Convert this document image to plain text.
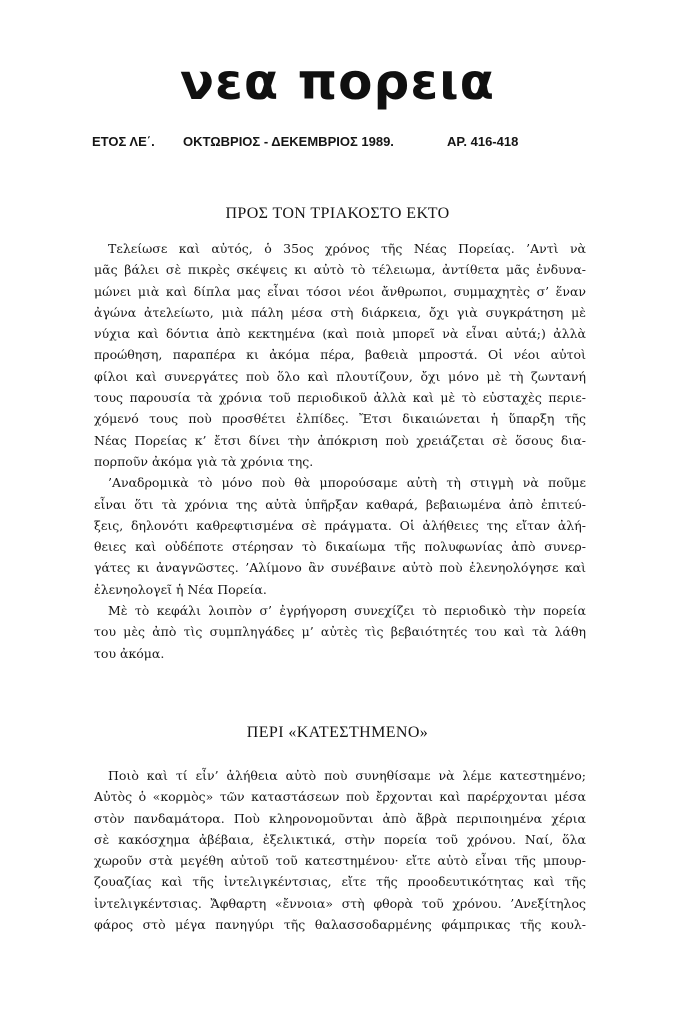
νεα πορεια
ΕΤΟΣ ΛΕ΄. ΟΚΤΩΒΡΙΟΣ - ΔΕΚΕΜΒΡΙΟΣ 1989.	ΑΡ. 416-418
ΠΡΟΣ ΤΟΝ ΤΡΙΑΚΟΣΤΟ ΕΚΤΟ
Τελείωσε καὶ αὐτός, ὁ 35ος χρόνος τῆς Νέας Πορείας. ’Αντὶ νὰ
μᾶς βάλει σὲ πικρὲς σκέψεις κι αὐτὸ τὸ τέλειωμα, ἀντίθετα μᾶς ἐνδυνα-
μώνει μιὰ καὶ δίπλα μας εἶναι τόσοι νέοι ἄνθρωποι, συμμαχητὲς σ’ ἕναν
ἀγώνα ἀτελείωτο, μιὰ πάλη μέσα στὴ διάρκεια, ὄχι γιὰ συγκράτηση μὲ
νύχια καὶ δόντια ἀπὸ κεκτημένα (καὶ ποιὰ μπορεῖ νὰ εἶναι αὐτά;) ἀλλὰ
προώθηση, παραπέρα κι ἀκόμα πέρα, βαθειὰ μπροστά. Οἱ νέοι αὐτοὶ
φίλοι καὶ συνεργάτες ποὺ ὅλο καὶ πλουτίζουν, ὄχι μόνο μὲ τὴ ζωντανή
τους παρουσία τὰ χρόνια τοῦ περιοδικοῦ ἀλλὰ καὶ μὲ τὸ εὐσταχὲς περιε-
χόμενό τους ποὺ προσθέτει ἐλπίδες. Ἔτσι δικαιώνεται ἡ ὕπαρξη τῆς
Νέας Πορείας κ’ ἔτσι δίνει τὴν ἀπόκριση ποὺ χρειάζεται σὲ ὅσους δια-
πορποῦν ἀκόμα γιὰ τὰ χρόνια της.
’Αναδρομικὰ τὸ μόνο ποὺ θὰ μπορούσαμε αὐτὴ τὴ στιγμὴ νὰ ποῦμε
εἶναι ὅτι τὰ χρόνια της αὐτὰ ὑπῆρξαν καθαρά, βεβαιωμένα ἀπὸ ἐπιτεύ-
ξεις, δηλονότι καθρεφτισμένα σὲ πράγματα. Οἱ ἀλήθειες της εἴταν ἀλή-
θειες καὶ οὐδέποτε στέρησαν τὸ δικαίωμα τῆς πολυφωνίας ἀπὸ συνερ-
γάτες κι ἀναγνῶστες. ’Αλίμονο ἂν συνέβαινε αὐτὸ ποὺ ἐλενηολόγησε καὶ
ἐλενηολογεῖ ἡ Νέα Πορεία.
Μὲ τὸ κεφάλι λοιπὸν σ’ ἐγρήγορση συνεχίζει τὸ περιοδικὸ τὴν πορεία
του μὲς ἀπὸ τὶς συμπληγάδες μ’ αὐτὲς τὶς βεβαιότητές του καὶ τὰ λάθη
του ἀκόμα.
ΠΕΡΙ «ΚΑΤΕΣΤΗΜΕΝΟ»
Ποιὸ καὶ τί εἶν’ ἀλήθεια αὐτὸ ποὺ συνηθίσαμε νὰ λέμε κατεστημένο;
Αὐτὸς ὁ «κορμὸς» τῶν καταστάσεων ποὺ ἔρχονται καὶ παρέρχονται μέσα
στὸν πανδαμάτορα. Ποὺ κληρονομοῦνται ἀπὸ ἄβρὰ περιποιημένα χέρια
σὲ κακόσχημα ἀβέβαια, ἐξελικτικά, στὴν πορεία τοῦ χρόνου. Ναί, ὅλα
χωροῦν στὰ μεγέθη αὐτοῦ τοῦ κατεστημένου· εἴτε αὐτὸ εἶναι τῆς μπουρ-
ζουαζίας καὶ τῆς ἰντελιγκέντσιας, εἴτε τῆς προοδευτικότητας καὶ τῆς
ἰντελιγκέντσιας. Ἄφθαρτη «ἔννοια» στὴ φθορὰ τοῦ χρόνου. ’Ανεξίτηλος
φάρος στὸ μέγα πανηγύρι τῆς θαλασσοδαρμένης φάμπρικας τῆς κουλ-
